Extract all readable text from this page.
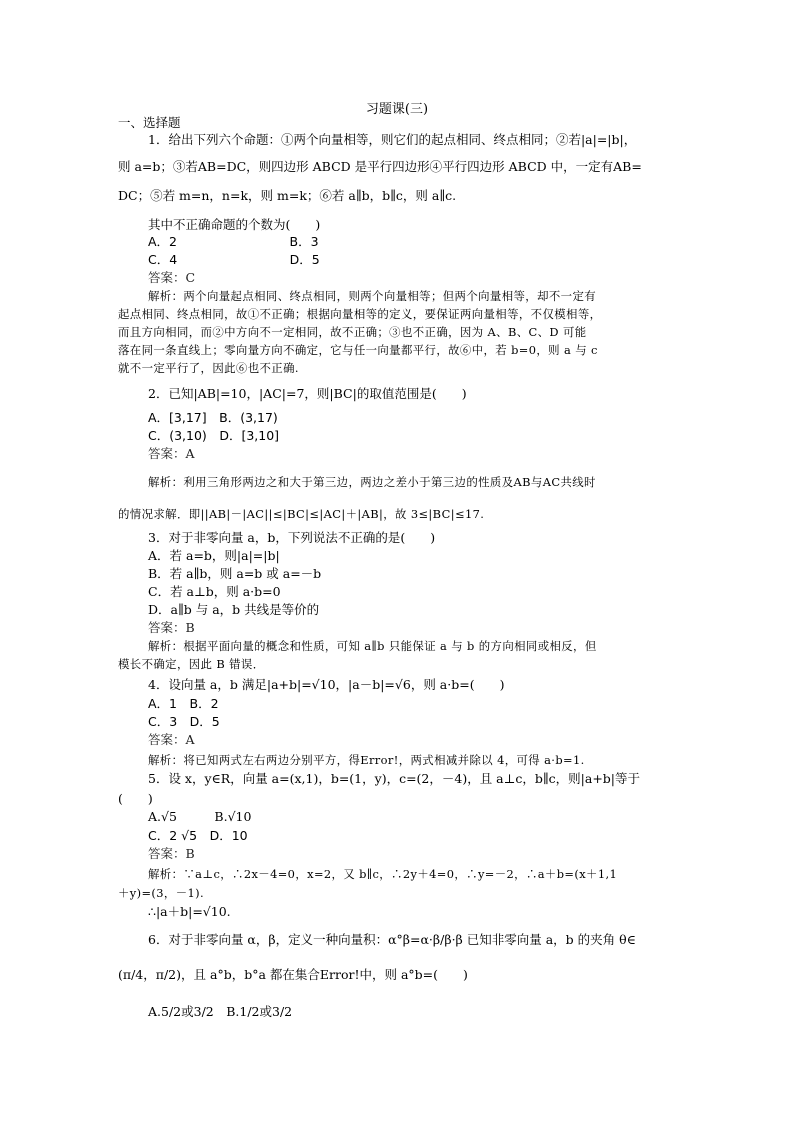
习题课(三)
一、选择题
1．给出下列六个命题：①两个向量相等，则它们的起点相同、终点相同；②若|a|=|b|，
则 a=b；③若AB=DC，则四边形 ABCD 是平行四边形④平行四边形 ABCD 中，一定有AB=
DC；⑤若 m=n，n=k，则 m=k；⑥若 a∥b，b∥c，则 a∥c.
其中不正确命题的个数为(　　)
A．2　　　　　　　　　B．3
C．4　　　　　　　　　D．5
答案：C
解析：两个向量起点相同、终点相同，则两个向量相等；但两个向量相等，却不一定有
起点相同、终点相同，故①不正确；根据向量相等的定义，要保证两向量相等，不仅模相等，
而且方向相同，而②中方向不一定相同，故不正确；③也不正确，因为 A、B、C、D 可能
落在同一条直线上；零向量方向不确定，它与任一向量都平行，故⑥中，若 b=0，则 a 与 c
就不一定平行了，因此⑥也不正确.
2．已知|AB|=10，|AC|=7，则|BC|的取值范围是(　　)
A．[3,17]　B．(3,17)
C．(3,10)　D．[3,10]
答案：A
解析：利用三角形两边之和大于第三边，两边之差小于第三边的性质及AB与AC共线时
的情况求解．即||AB|－|AC||≤|BC|≤|AC|＋|AB|，故 3≤|BC|≤17.
3．对于非零向量 a，b，下列说法不正确的是(　　)
A．若 a=b，则|a|=|b|
B．若 a∥b，则 a=b 或 a=－b
C．若 a⊥b，则 a·b=0
D．a∥b 与 a，b 共线是等价的
答案：B
解析：根据平面向量的概念和性质，可知 a∥b 只能保证 a 与 b 的方向相同或相反，但
模长不确定，因此 B 错误．
4．设向量 a，b 满足|a+b|=√10，|a－b|=√6，则 a·b=(　　)
A．1　B．2
C．3　D．5
答案：A
解析：将已知两式左右两边分别平方，得Error!，两式相减并除以 4，可得 a·b=1.
5．设 x，y∈R，向量 a=(x,1)，b=(1，y)，c=(2，－4)，且 a⊥c，b∥c，则|a+b|等于
(　　)
A.√5　　　B.√10
C．2 √5　D．10
答案：B
解析：∵a⊥c，∴2x－4=0，x=2，又 b∥c，∴2y＋4=0，∴y=－2，∴a＋b=(x＋1,1
＋y)=(3，－1).
∴|a＋b|=√10.
6．对于非零向量 α，β，定义一种向量积：α°β=α·β/β·β 已知非零向量 a，b 的夹角 θ∈
(π/4，π/2)，且 a°b，b°a 都在集合Error!中，则 a°b=(　　)
A.5/2或3/2　B.1/2或3/2
